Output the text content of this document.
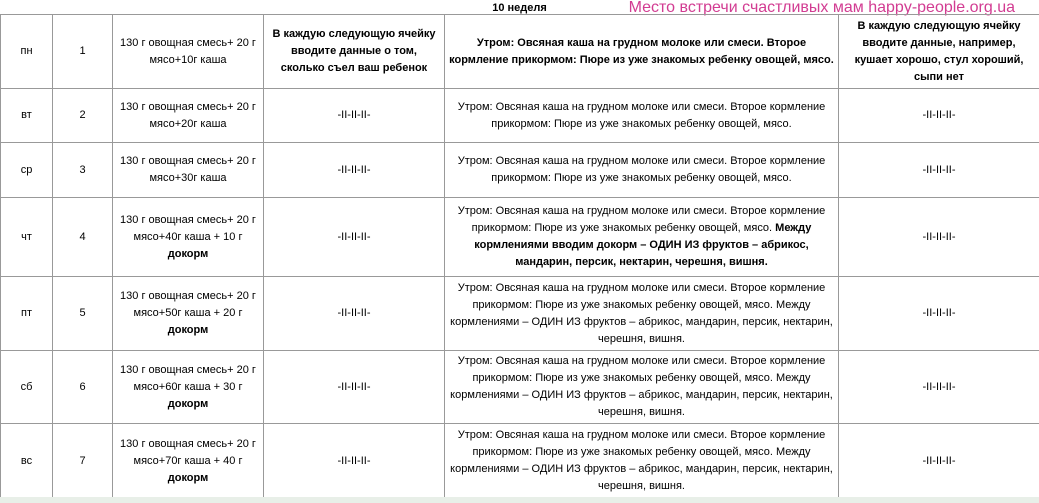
10 неделя	Место встречи счастливых мам happy-people.org.ua
пн	1	130 г овощная смесь+ 20 г мясо+10г каша	В каждую следующую ячейку вводите данные о том, сколько съел ваш ребенок	Утром: Овсяная каша на грудном молоке или смеси. Второе кормление прикормом: Пюре из уже знакомых ребенку овощей, мясо.	В каждую следующую ячейку вводите данные, например, кушает хорошо, стул хороший, сыпи нет
вт	2	130 г овощная смесь+ 20 г мясо+20г каша	-II-II-II-	Утром: Овсяная каша на грудном молоке или смеси. Второе кормление прикормом: Пюре из уже знакомых ребенку овощей, мясо.	-II-II-II-
ср	3	130 г овощная смесь+ 20 г мясо+30г каша	-II-II-II-	Утром: Овсяная каша на грудном молоке или смеси. Второе кормление прикормом: Пюре из уже знакомых ребенку овощей, мясо.	-II-II-II-
чт	4	130 г овощная смесь+ 20 г мясо+40г каша + 10 г докорм	-II-II-II-	Утром: Овсяная каша на грудном молоке или смеси. Второе кормление прикормом: Пюре из уже знакомых ребенку овощей, мясо. Между кормлениями вводим докорм – ОДИН ИЗ фруктов – абрикос, мандарин, персик, нектарин, черешня, вишня.	-II-II-II-
пт	5	130 г овощная смесь+ 20 г мясо+50г каша + 20 г докорм	-II-II-II-	Утром: Овсяная каша на грудном молоке или смеси. Второе кормление прикормом: Пюре из уже знакомых ребенку овощей, мясо. Между кормлениями – ОДИН ИЗ фруктов – абрикос, мандарин, персик, нектарин, черешня, вишня.	-II-II-II-
сб	6	130 г овощная смесь+ 20 г мясо+60г каша + 30 г докорм	-II-II-II-	Утром: Овсяная каша на грудном молоке или смеси. Второе кормление прикормом: Пюре из уже знакомых ребенку овощей, мясо. Между кормлениями – ОДИН ИЗ фруктов – абрикос, мандарин, персик, нектарин, черешня, вишня.	-II-II-II-
вс	7	130 г овощная смесь+ 20 г мясо+70г каша + 40 г докорм	-II-II-II-	Утром: Овсяная каша на грудном молоке или смеси. Второе кормление прикормом: Пюре из уже знакомых ребенку овощей, мясо. Между кормлениями – ОДИН ИЗ фруктов – абрикос, мандарин, персик, нектарин, черешня, вишня.	-II-II-II-
